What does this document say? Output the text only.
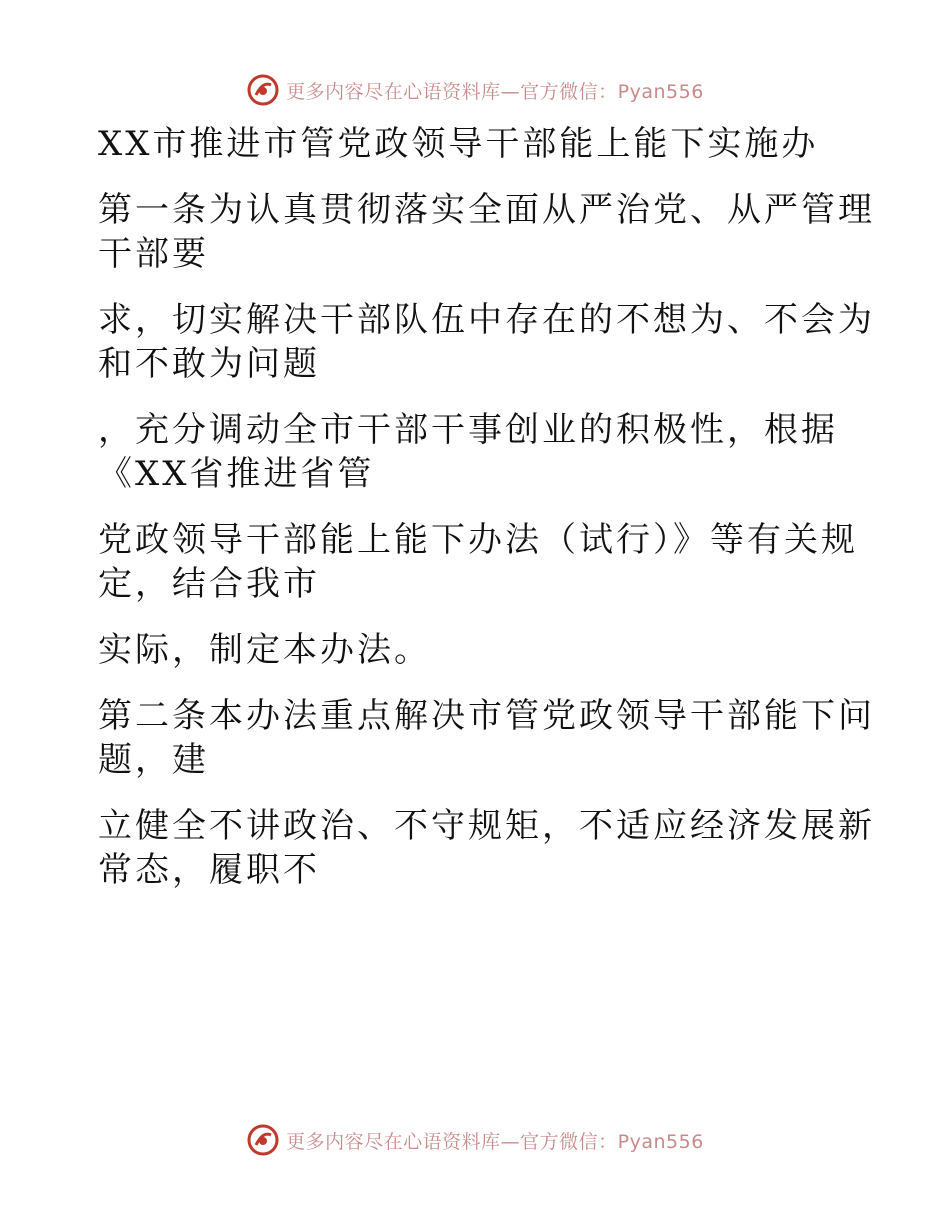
更多内容尽在心语资料库—官方微信：Pyan556

XX市推进市管党政领导干部能上能下实施办

第一条为认真贯彻落实全面从严治党、从严管理

干部要

求，切实解决干部队伍中存在的不想为、不会为

和不敢为问题

，充分调动全市干部干事创业的积极性，根据

《XX省推进省管

党政领导干部能上能下办法（试行）》等有关规

定，结合我市

实际，制定本办法。

第二条本办法重点解决市管党政领导干部能下问

题，建

立健全不讲政治、不守规矩，不适应经济发展新

常态，履职不

更多内容尽在心语资料库—官方微信：Pyan556
